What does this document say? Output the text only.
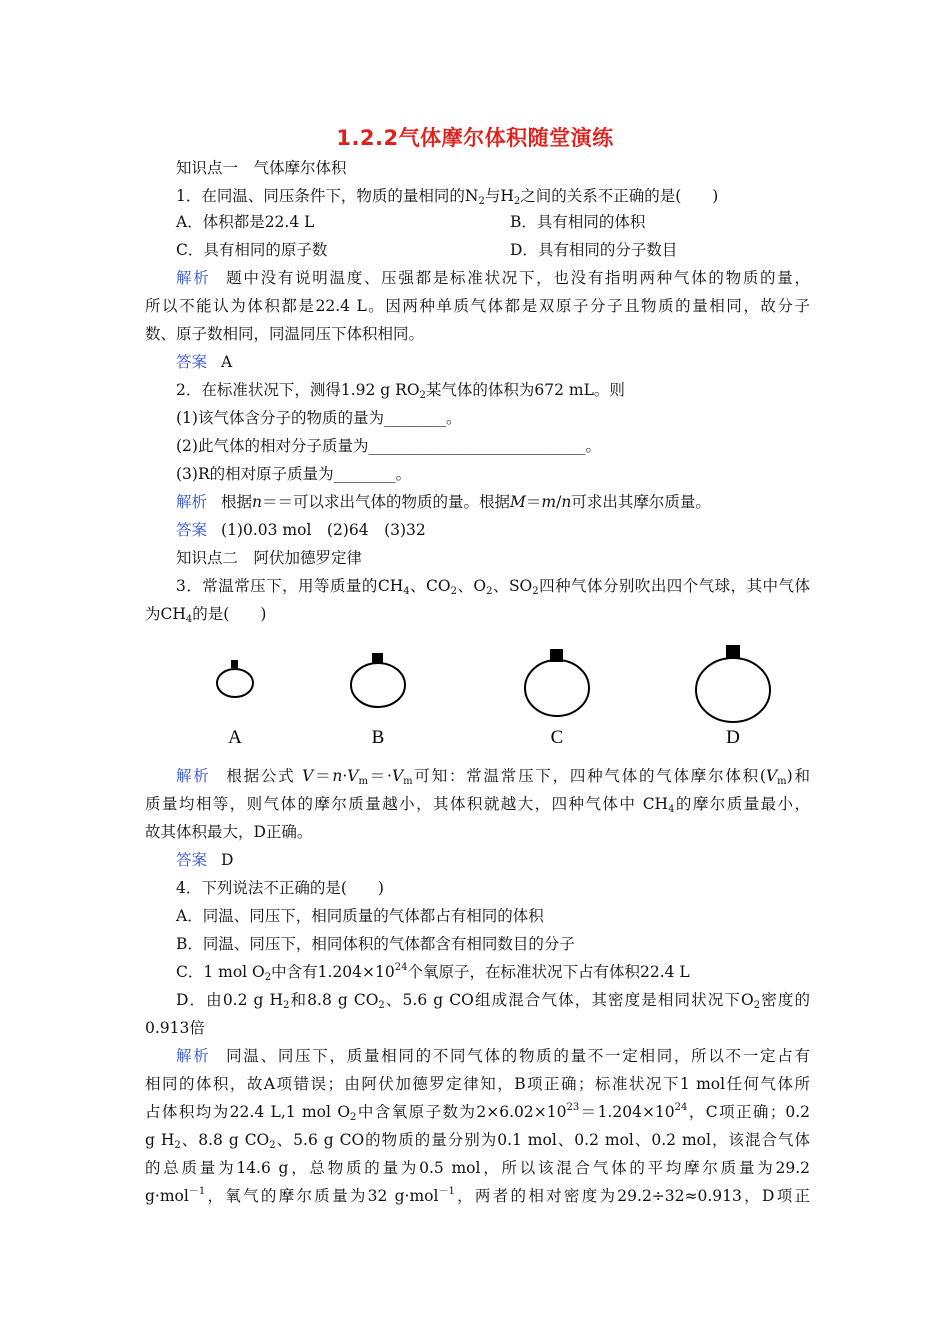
1.2.2气体摩尔体积随堂演练
知识点一　气体摩尔体积
1．在同温、同压条件下，物质的量相同的$N_2$与$H_2$之间的关系不正确的是(　　)
A．体积都是22.4 L	B．具有相同的体积
C．具有相同的原子数	D．具有相同的分子数目
解析 题中没有说明温度、压强都是标准状况下，也没有指明两种气体的物质的量，
所以不能认为体积都是22.4 L。因两种单质气体都是双原子分子且物质的量相同，故分子
数、原子数相同，同温同压下体积相同。
答案 A
2．在标准状况下，测得1.92 g $RO_2$某气体的体积为672 mL。则
(1)该气体含分子的物质的量为________。
(2)此气体的相对分子质量为____________________________。
(3)R的相对原子质量为________。
解析 根据n＝＝可以求出气体的物质的量。根据M＝m/n可求出其摩尔质量。
答案 (1)0.03 mol　(2)64　(3)32
知识点二　阿伏加德罗定律
3．常温常压下，用等质量的$CH_4$、$CO_2$、$O_2$、$SO_2$四种气体分别吹出四个气球，其中气体
为$CH_4$的是(　　)
A	B	C	D
解析 根据公式 $V=n\cdot V_m=\cdot V_m$可知：常温常压下，四种气体的气体摩尔体积$(V_m)$和
质量均相等，则气体的摩尔质量越小，其体积就越大，四种气体中 $CH_4$的摩尔质量最小，
故其体积最大，D正确。
答案 D
4．下列说法不正确的是(　　)
A．同温、同压下，相同质量的气体都占有相同的体积
B．同温、同压下，相同体积的气体都含有相同数目的分子
C．1 mol $O_2$中含有$1.204\times 10^{24}$个氧原子，在标准状况下占有体积22.4 L
D．由0.2 g $H_2$和8.8 g $CO_2$、5.6 g CO组成混合气体，其密度是相同状况下$O_2$密度的
0.913倍
解析 同温、同压下，质量相同的不同气体的物质的量不一定相同，所以不一定占有
相同的体积，故A项错误；由阿伏加德罗定律知，B项正确；标准状况下1 mol任何气体所
占体积均为22.4 L,1 mol $O_2$中含氧原子数为$2\times 6.02\times 10^{23}=1.204\times 10^{24}$，C项正确；0.2
g $H_2$、8.8 g $CO_2$、5.6 g CO的物质的量分别为0.1 mol、0.2 mol、0.2 mol，该混合气体
的总质量为14.6 g，总物质的量为0.5 mol，所以该混合气体的平均摩尔质量为29.2
g·mol$^{-1}$，氧气的摩尔质量为32 g·mol$^{-1}$，两者的相对密度为29.2÷32≈0.913，D项正
